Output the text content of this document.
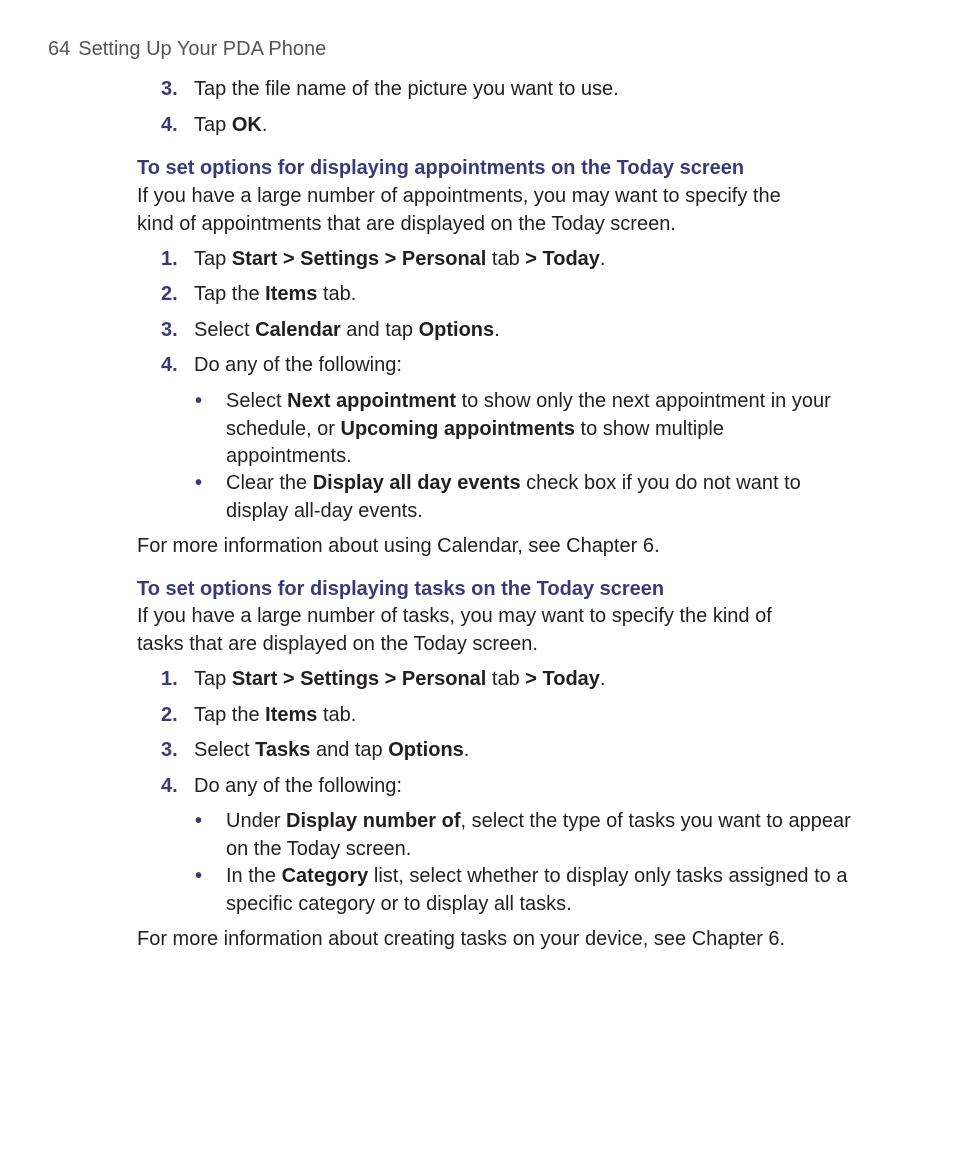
64 Setting Up Your PDA Phone
3. Tap the file name of the picture you want to use.
4. Tap OK.
To set options for displaying appointments on the Today screen
If you have a large number of appointments, you may want to specify the
kind of appointments that are displayed on the Today screen.
1. Tap Start > Settings > Personal tab > Today.
2. Tap the Items tab.
3. Select Calendar and tap Options.
4. Do any of the following:
• Select Next appointment to show only the next appointment in your schedule, or Upcoming appointments to show multiple appointments.
• Clear the Display all day events check box if you do not want to display all-day events.
For more information about using Calendar, see Chapter 6.
To set options for displaying tasks on the Today screen
If you have a large number of tasks, you may want to specify the kind of
tasks that are displayed on the Today screen.
1. Tap Start > Settings > Personal tab > Today.
2. Tap the Items tab.
3. Select Tasks and tap Options.
4. Do any of the following:
• Under Display number of, select the type of tasks you want to appear on the Today screen.
• In the Category list, select whether to display only tasks assigned to a specific category or to display all tasks.
For more information about creating tasks on your device, see Chapter 6.
